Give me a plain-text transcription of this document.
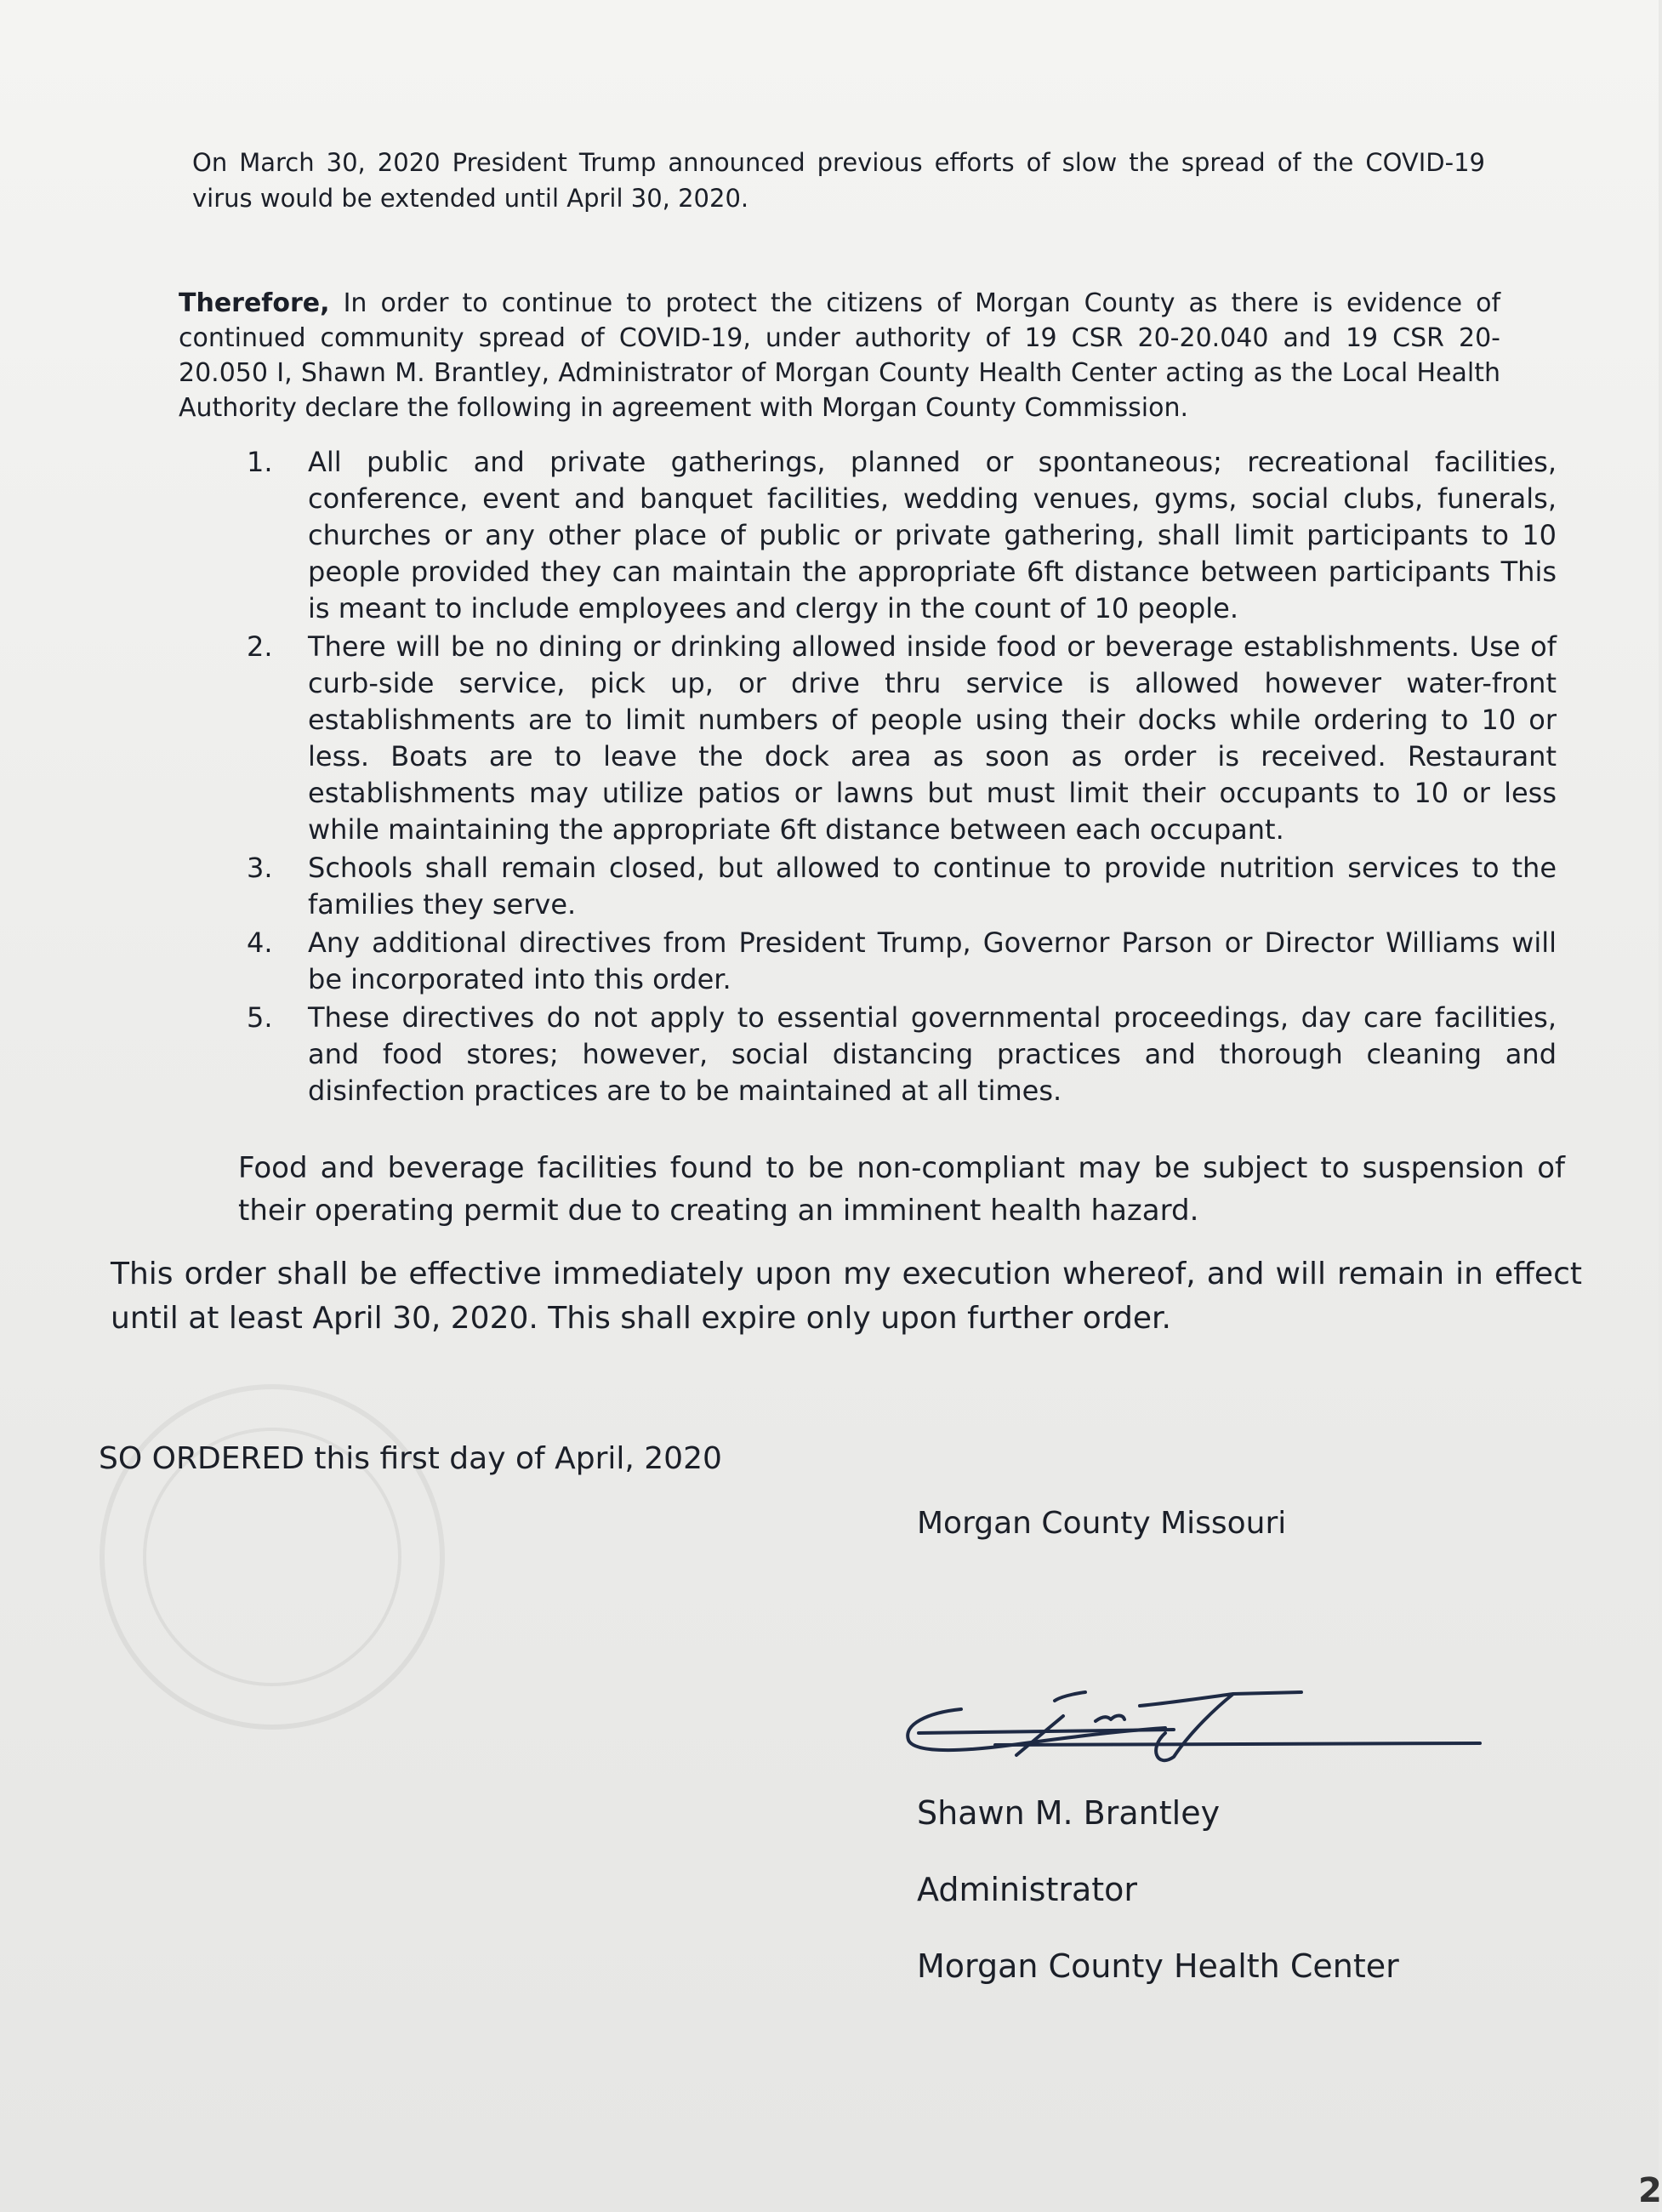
On March 30, 2020 President Trump announced previous efforts of slow the spread of the COVID-19 virus would be extended until April 30, 2020.

Therefore, In order to continue to protect the citizens of Morgan County as there is evidence of continued community spread of COVID-19, under authority of 19 CSR 20-20.040 and 19 CSR 20-20.050 I, Shawn M. Brantley, Administrator of Morgan County Health Center acting as the Local Health Authority declare the following in agreement with Morgan County Commission.

1.	All public and private gatherings, planned or spontaneous; recreational facilities, conference, event and banquet facilities, wedding venues, gyms, social clubs, funerals, churches or any other place of public or private gathering, shall limit participants to 10 people provided they can maintain the appropriate 6ft distance between participants This is meant to include employees and clergy in the count of 10 people.
2.	There will be no dining or drinking allowed inside food or beverage establishments. Use of curb-side service, pick up, or drive thru service is allowed however water-front establishments are to limit numbers of people using their docks while ordering to 10 or less. Boats are to leave the dock area as soon as order is received. Restaurant establishments may utilize patios or lawns but must limit their occupants to 10 or less while maintaining the appropriate 6ft distance between each occupant.
3.	Schools shall remain closed, but allowed to continue to provide nutrition services to the families they serve.
4.	Any additional directives from President Trump, Governor Parson or Director Williams will be incorporated into this order.
5.	These directives do not apply to essential governmental proceedings, day care facilities, and food stores; however, social distancing practices and thorough cleaning and disinfection practices are to be maintained at all times.

Food and beverage facilities found to be non-compliant may be subject to suspension of their operating permit due to creating an imminent health hazard.

This order shall be effective immediately upon my execution whereof, and will remain in effect until at least April 30, 2020. This shall expire only upon further order.

SO ORDERED this first day of April, 2020

Morgan County Missouri
Shawn M. Brantley
Administrator
Morgan County Health Center
2
